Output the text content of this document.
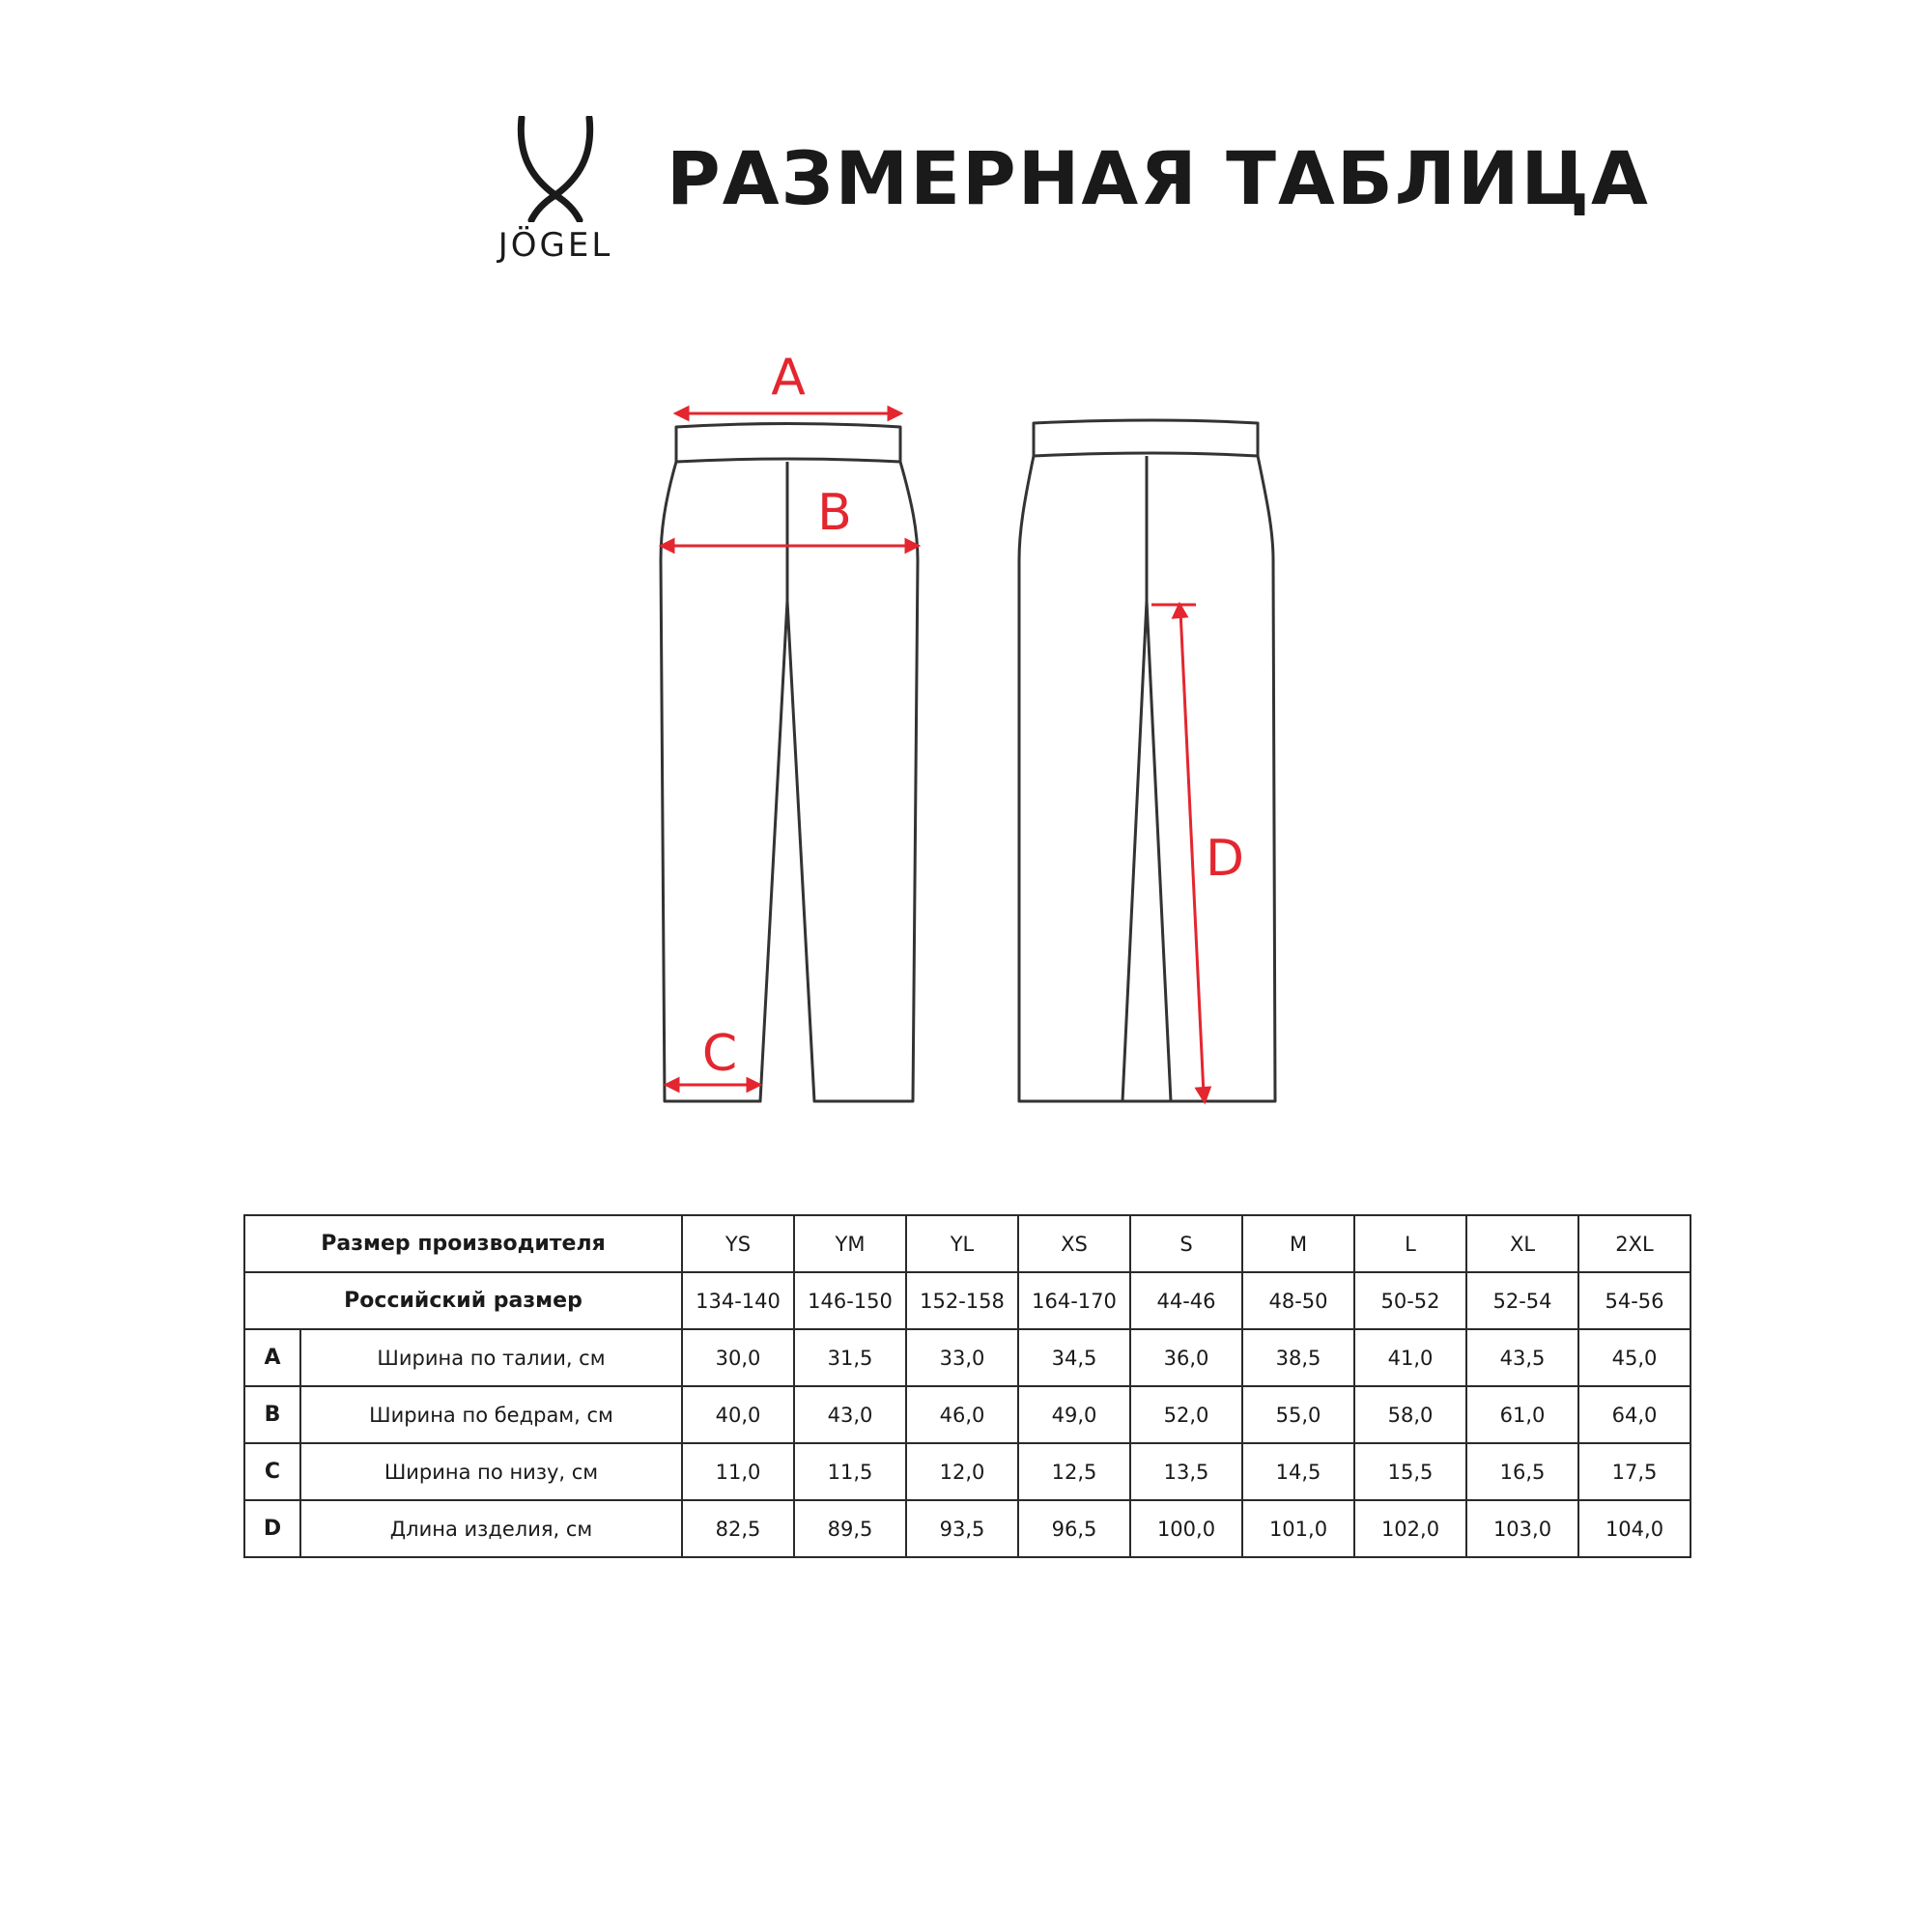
JÖGEL
РАЗМЕРНАЯ ТАБЛИЦА
A
B
C
D
Размер производителя		YS	YM	YL	XS	S	M	L	XL	2XL
Российский размер		134-140	146-150	152-158	164-170	44-46	48-50	50-52	52-54	54-56
A	Ширина по талии, см	30,0	31,5	33,0	34,5	36,0	38,5	41,0	43,5	45,0
B	Ширина по бедрам, см	40,0	43,0	46,0	49,0	52,0	55,0	58,0	61,0	64,0
C	Ширина по низу, см	11,0	11,5	12,0	12,5	13,5	14,5	15,5	16,5	17,5
D	Длина изделия, см	82,5	89,5	93,5	96,5	100,0	101,0	102,0	103,0	104,0
